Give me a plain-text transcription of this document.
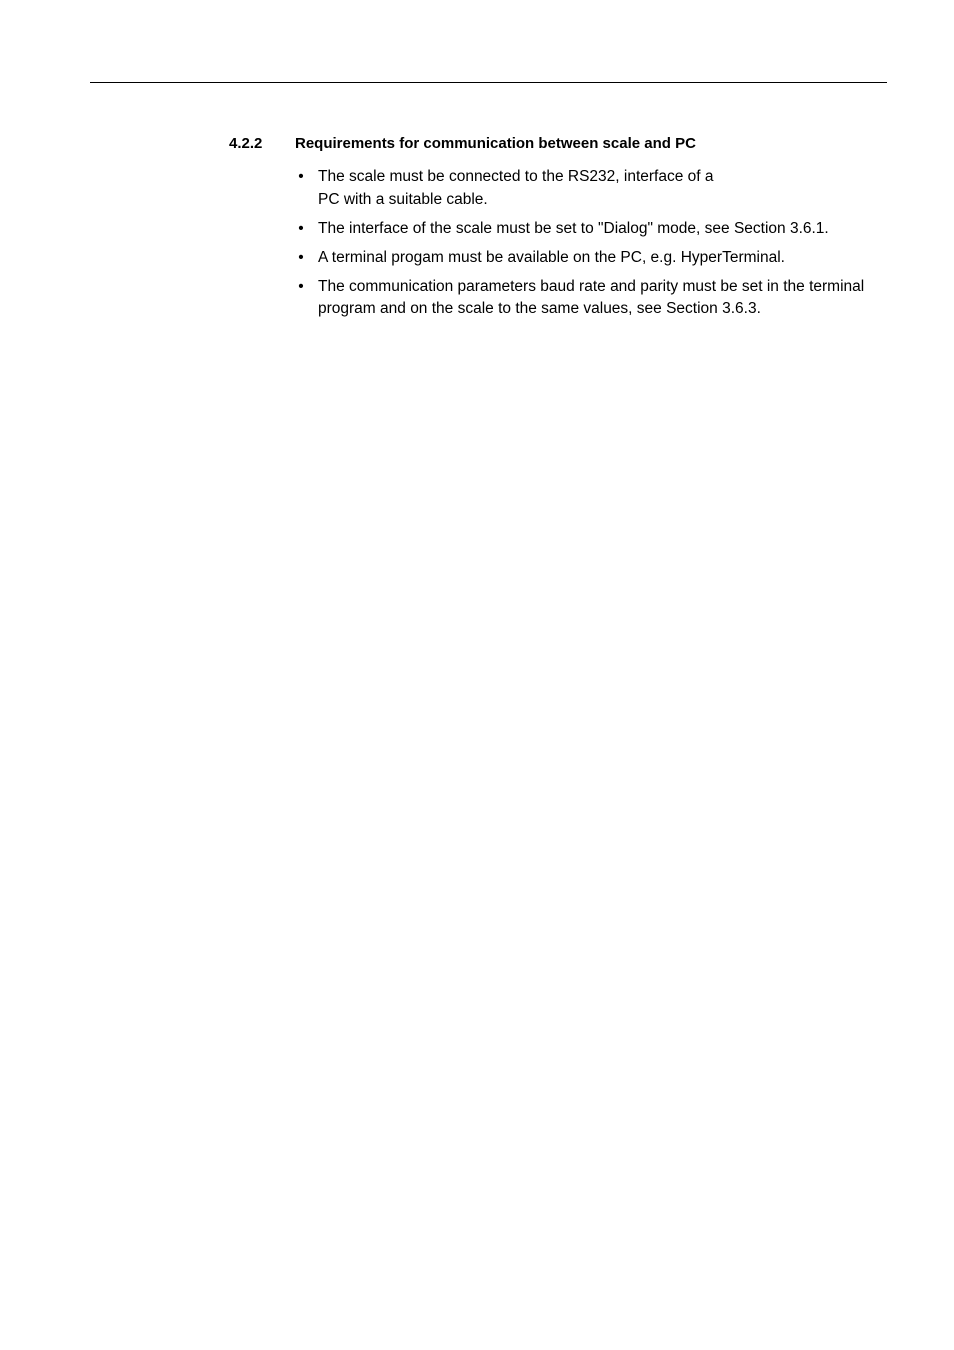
4.2.2 Requirements for communication between scale and PC
• The scale must be connected to the RS232, interface of a
PC with a suitable cable.
• The interface of the scale must be set to "Dialog" mode, see Section 3.6.1.
• A terminal progam must be available on the PC, e.g. HyperTerminal.
• The communication parameters baud rate and parity must be set in the terminal
program and on the scale to the same values, see Section 3.6.3.
